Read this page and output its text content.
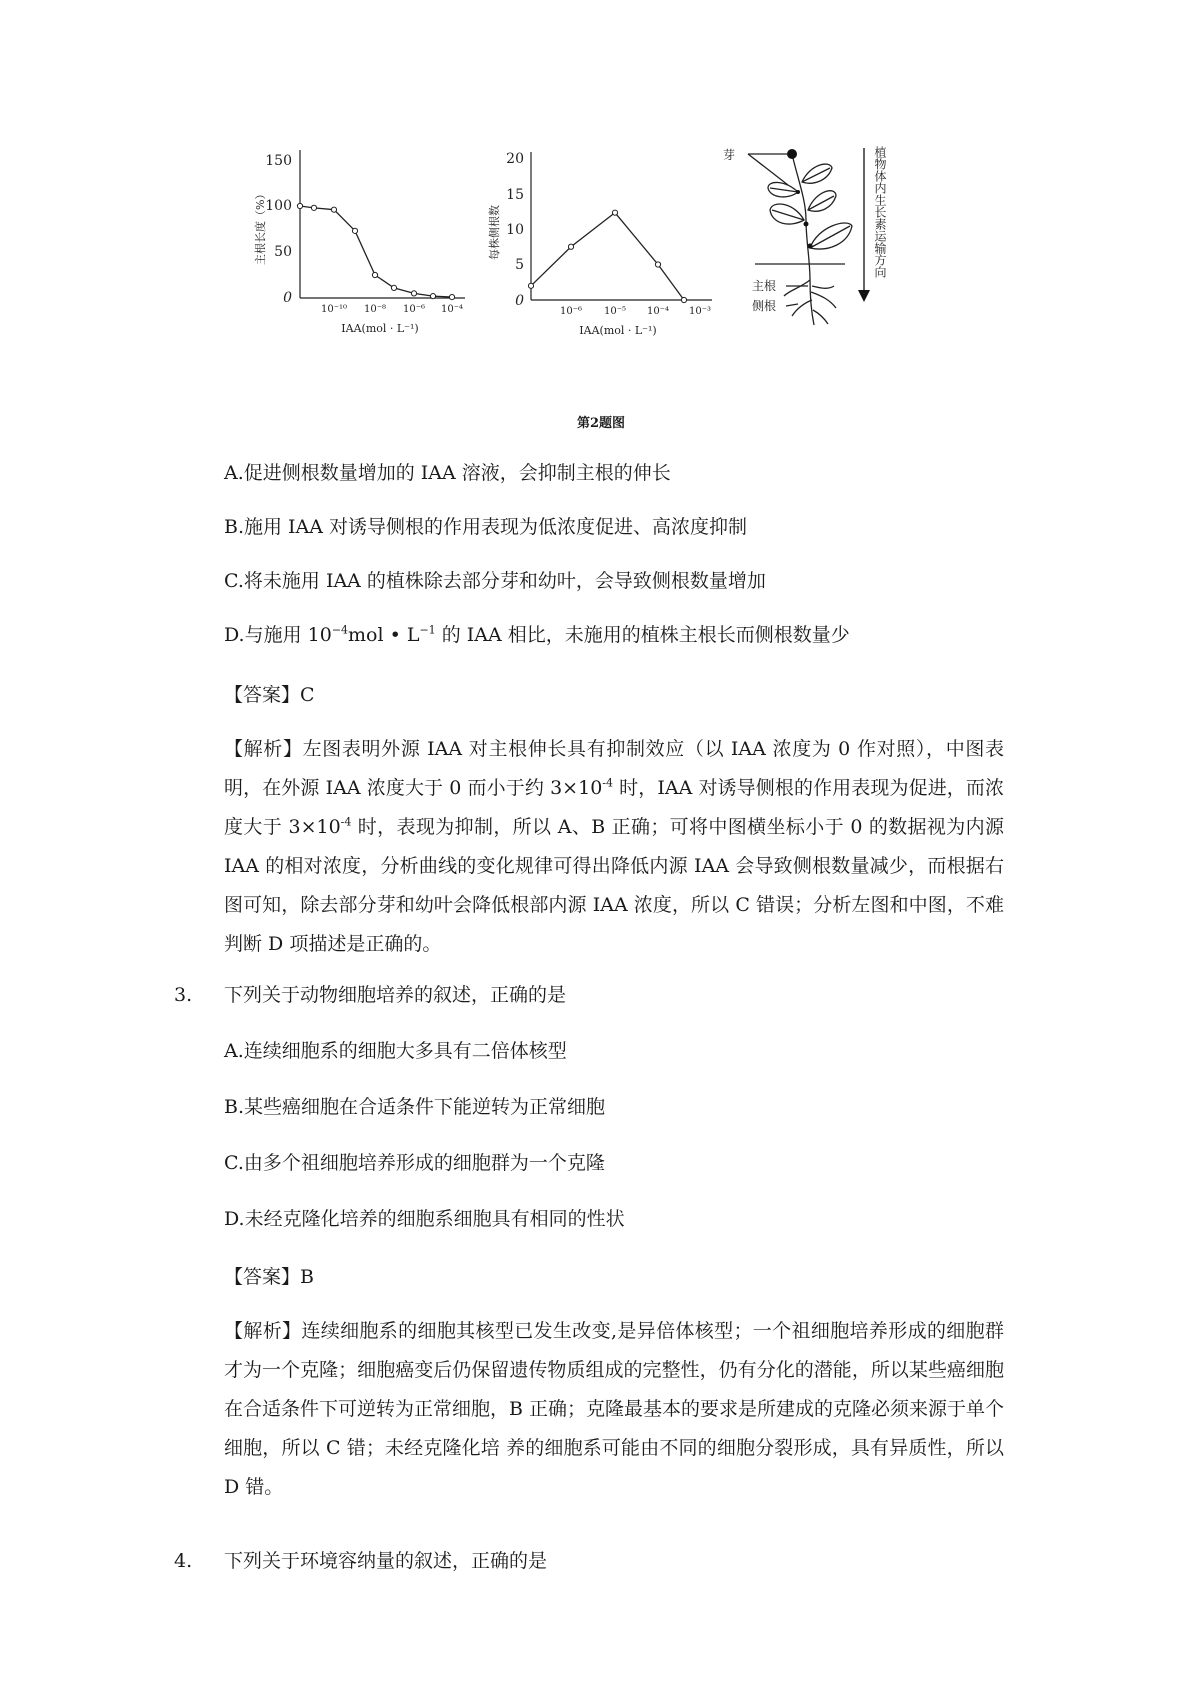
150
100
50
0
主根长度（%）
10⁻¹⁰ 10⁻⁸ 10⁻⁶ 10⁻⁴
IAA(mol · L⁻¹)
20
15
10
5
0
每株侧根数
10⁻⁶ 10⁻⁵ 10⁻⁴ 10⁻³
IAA(mol · L⁻¹)
芽
主根
侧根
植物体内生长素运输方向
第2题图
A.促进侧根数量增加的 IAA 溶液，会抑制主根的伸长
B.施用 IAA 对诱导侧根的作用表现为低浓度促进、高浓度抑制
C.将未施用 IAA 的植株除去部分芽和幼叶，会导致侧根数量增加
D.与施用 $10^{-4}mol$ • $L^{-1}$ 的 IAA 相比，未施用的植株主根长而侧根数量少
【答案】C
【解析】左图表明外源 IAA 对主根伸长具有抑制效应（以 IAA 浓度为 0 作对照），中图表明，在外源 IAA 浓度大于 0 而小于约 $3\times 10^{-4}$ 时，IAA 对诱导侧根的作用表现为促进，而浓度大于 $3\times 10^{-4}$ 时，表现为抑制，所以 A、B 正确；可将中图横坐标小于 0 的数据视为内源 IAA 的相对浓度，分析曲线的变化规律可得出降低内源 IAA 会导致侧根数量减少，而根据右图可知，除去部分芽和幼叶会降低根部内源 IAA 浓度，所以 C 错误；分析左图和中图，不难判断 D 项描述是正确的。
3. 下列关于动物细胞培养的叙述，正确的是
A.连续细胞系的细胞大多具有二倍体核型
B.某些癌细胞在合适条件下能逆转为正常细胞
C.由多个祖细胞培养形成的细胞群为一个克隆
D.未经克隆化培养的细胞系细胞具有相同的性状
【答案】B
【解析】连续细胞系的细胞其核型已发生改变,是异倍体核型；一个祖细胞培养形成的细胞群才为一个克隆；细胞癌变后仍保留遗传物质组成的完整性，仍有分化的潜能，所以某些癌细胞在合适条件下可逆转为正常细胞，B 正确；克隆最基本的要求是所建成的克隆必须来源于单个细胞，所以 C 错；未经克隆化培 养的细胞系可能由不同的细胞分裂形成，具有异质性，所以 D 错。
4. 下列关于环境容纳量的叙述，正确的是
